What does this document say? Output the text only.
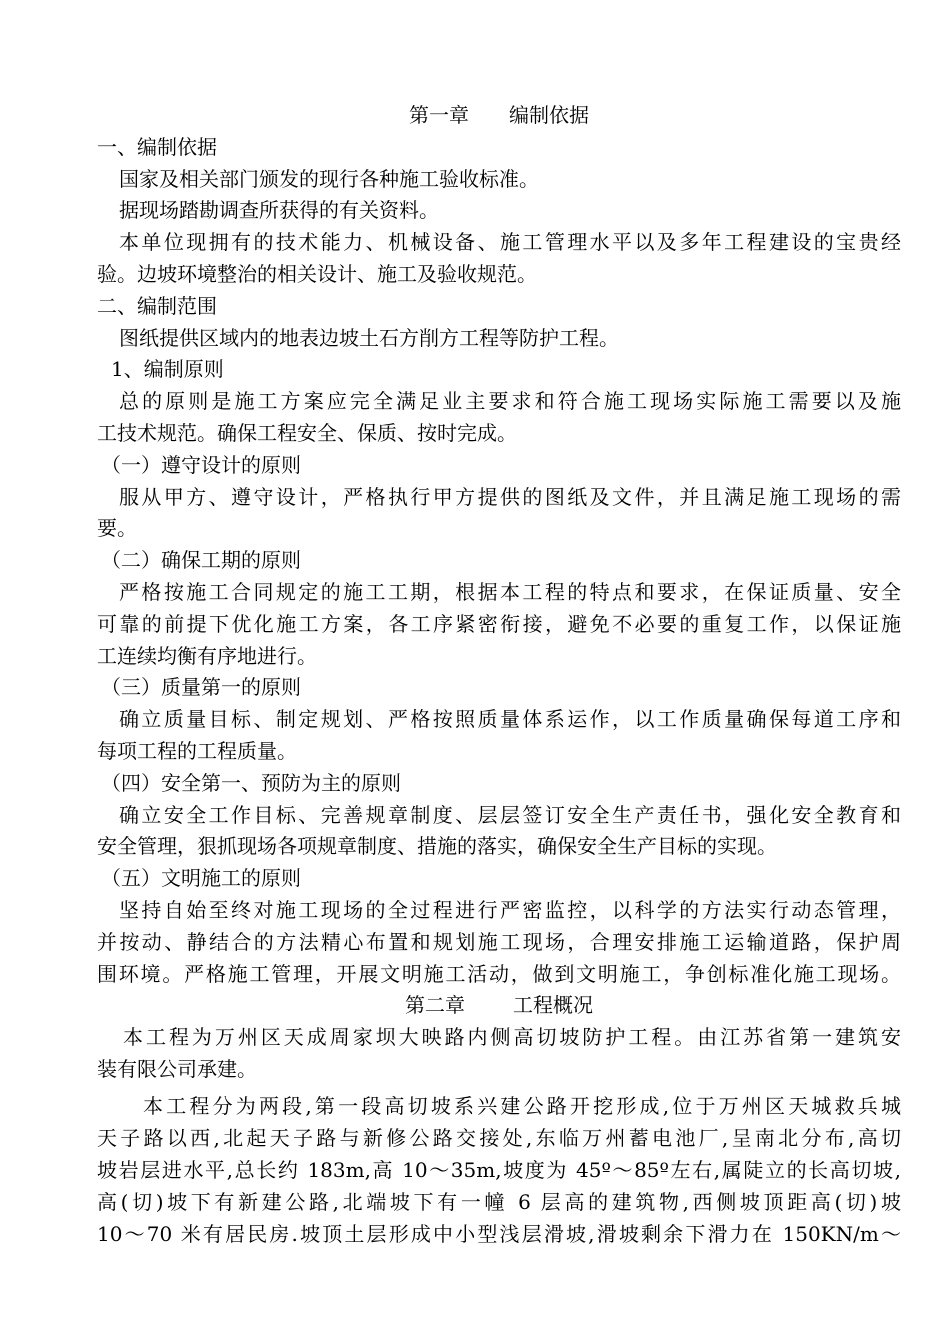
第一章 编制依据
一、编制依据
国家及相关部门颁发的现行各种施工验收标准。
据现场踏勘调查所获得的有关资料。
本单位现拥有的技术能力、机械设备、施工管理水平以及多年工程建设的宝贵经
验。边坡环境整治的相关设计、施工及验收规范。
二、编制范围
图纸提供区域内的地表边坡土石方削方工程等防护工程。
1、编制原则
总的原则是施工方案应完全满足业主要求和符合施工现场实际施工需要以及施
工技术规范。确保工程安全、保质、按时完成。
（一）遵守设计的原则
服从甲方、遵守设计，严格执行甲方提供的图纸及文件，并且满足施工现场的需
要。
（二）确保工期的原则
严格按施工合同规定的施工工期，根据本工程的特点和要求，在保证质量、安全
可靠的前提下优化施工方案，各工序紧密衔接，避免不必要的重复工作，以保证施
工连续均衡有序地进行。
（三）质量第一的原则
确立质量目标、制定规划、严格按照质量体系运作，以工作质量确保每道工序和
每项工程的工程质量。
（四）安全第一、预防为主的原则
确立安全工作目标、完善规章制度、层层签订安全生产责任书，强化安全教育和
安全管理，狠抓现场各项规章制度、措施的落实，确保安全生产目标的实现。
（五）文明施工的原则
坚持自始至终对施工现场的全过程进行严密监控，以科学的方法实行动态管理，
并按动、静结合的方法精心布置和规划施工现场，合理安排施工运输道路，保护周
围环境。严格施工管理，开展文明施工活动，做到文明施工，争创标准化施工现场。
第二章 工程概况
本工程为万州区天成周家坝大映路内侧高切坡防护工程。由江苏省第一建筑安
装有限公司承建。
本工程分为两段,第一段高切坡系兴建公路开挖形成,位于万州区天城救兵城
天子路以西,北起天子路与新修公路交接处,东临万州蓄电池厂,呈南北分布,高切
坡岩层进水平,总长约 183m,高 10～35m,坡度为 45º～85º左右,属陡立的长高切坡,
高(切)坡下有新建公路,北端坡下有一幢 6 层高的建筑物,西侧坡顶距高(切)坡
10～70 米有居民房.坡顶土层形成中小型浅层滑坡,滑坡剩余下滑力在 150KN/m～
